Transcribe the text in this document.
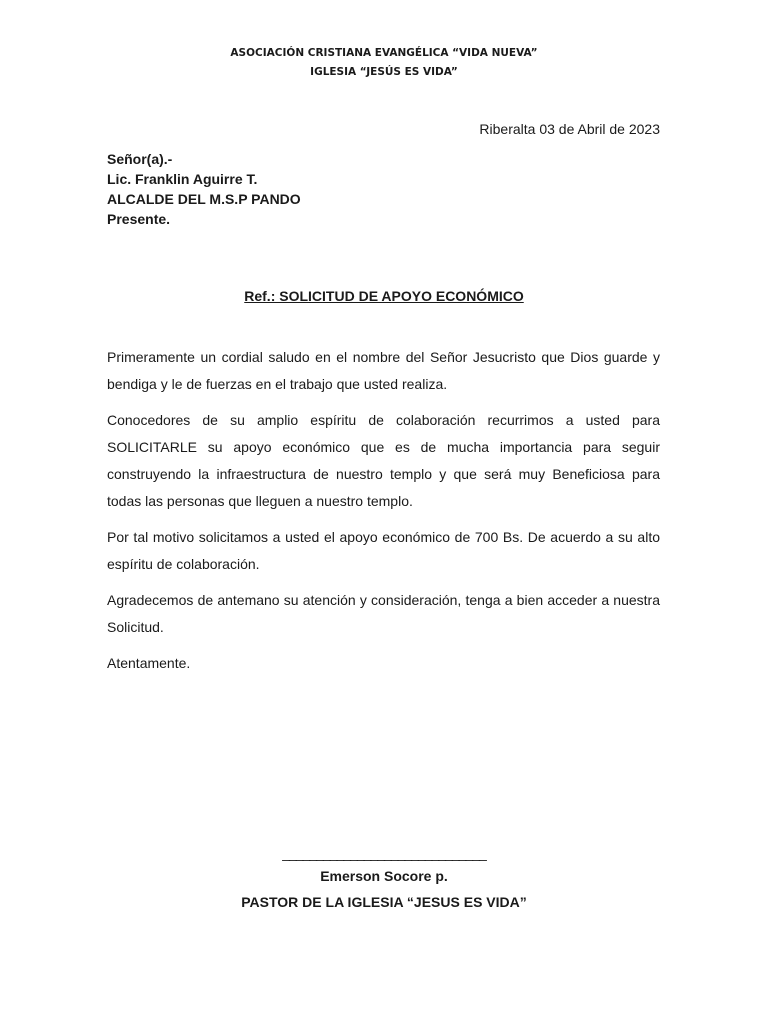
ASOCIACIÓN CRISTIANA EVANGÉLICA “VIDA NUEVA”
IGLESIA “JESÚS ES VIDA”
Riberalta 03 de Abril de 2023
Señor(a).-
Lic. Franklin Aguirre T.
ALCALDE DEL M.S.P PANDO
Presente.
Ref.: SOLICITUD DE APOYO ECONÓMICO

Primeramente un cordial saludo en el nombre del Señor Jesucristo que Dios guarde y bendiga y le de fuerzas en el trabajo que usted realiza.

Conocedores de su amplio espíritu de colaboración recurrimos a usted para SOLICITARLE su apoyo económico que es de mucha importancia para seguir construyendo la infraestructura de nuestro templo y que será muy Beneficiosa para todas las personas que lleguen a nuestro templo.

Por tal motivo solicitamos a usted el apoyo económico de 700 Bs. De acuerdo a su alto espíritu de colaboración.

Agradecemos de antemano su atención y consideración, tenga a bien acceder a nuestra Solicitud.

Atentamente.

______________________________
Emerson Socore p.
PASTOR DE LA IGLESIA “JESUS ES VIDA”
